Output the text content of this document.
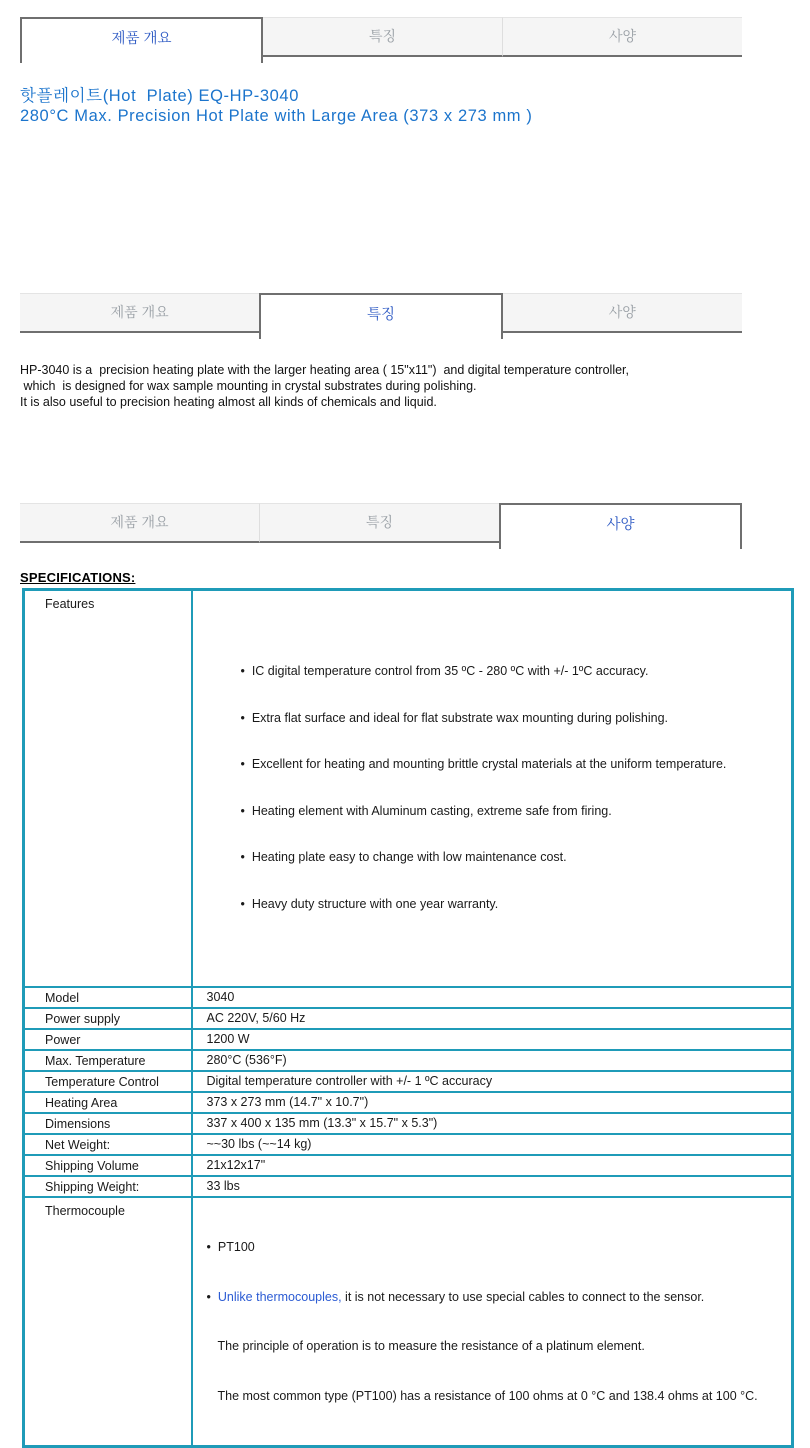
제품 개요	특징	사양
핫플레이트(Hot  Plate) EQ-HP-3040
280°C Max. Precision Hot Plate with Large Area (373 x 273 mm )
제품 개요	특징	사양
HP-3040 is a  precision heating plate with the larger heating area ( 15"x11")  and digital temperature controller,
which  is designed for wax sample mounting in crystal substrates during polishing.
It is also useful to precision heating almost all kinds of chemicals and liquid.
제품 개요	특징	사양
SPECIFICATIONS:
Features	

•  IC digital temperature control from 35 ºC - 280 ºC with +/- 1ºC accuracy.

•  Extra flat surface and ideal for flat substrate wax mounting during polishing.

•  Excellent for heating and mounting brittle crystal materials at the uniform temperature.

•  Heating element with Aluminum casting, extreme safe from firing.

•  Heating plate easy to change with low maintenance cost.

•  Heavy duty structure with one year warranty.

Model	3040
Power supply	AC 220V, 5/60 Hz
Power	1200 W
Max. Temperature	280°C (536°F)
Temperature Control	Digital temperature controller with +/- 1 ºC accuracy
Heating Area	373 x 273 mm (14.7" x 10.7")
Dimensions	337 x 400 x 135 mm (13.3" x 15.7" x 5.3")
Net Weight:	~~30 lbs (~~14 kg)
Shipping Volume	21x12x17"
Shipping Weight:	33 lbs
Thermocouple	• PT100

• Unlike thermocouples, it is not necessary to use special cables to connect to the sensor.

The principle of operation is to measure the resistance of a platinum element.

The most common type (PT100) has a resistance of 100 ohms at 0 °C and 138.4 ohms at 100 °C.
